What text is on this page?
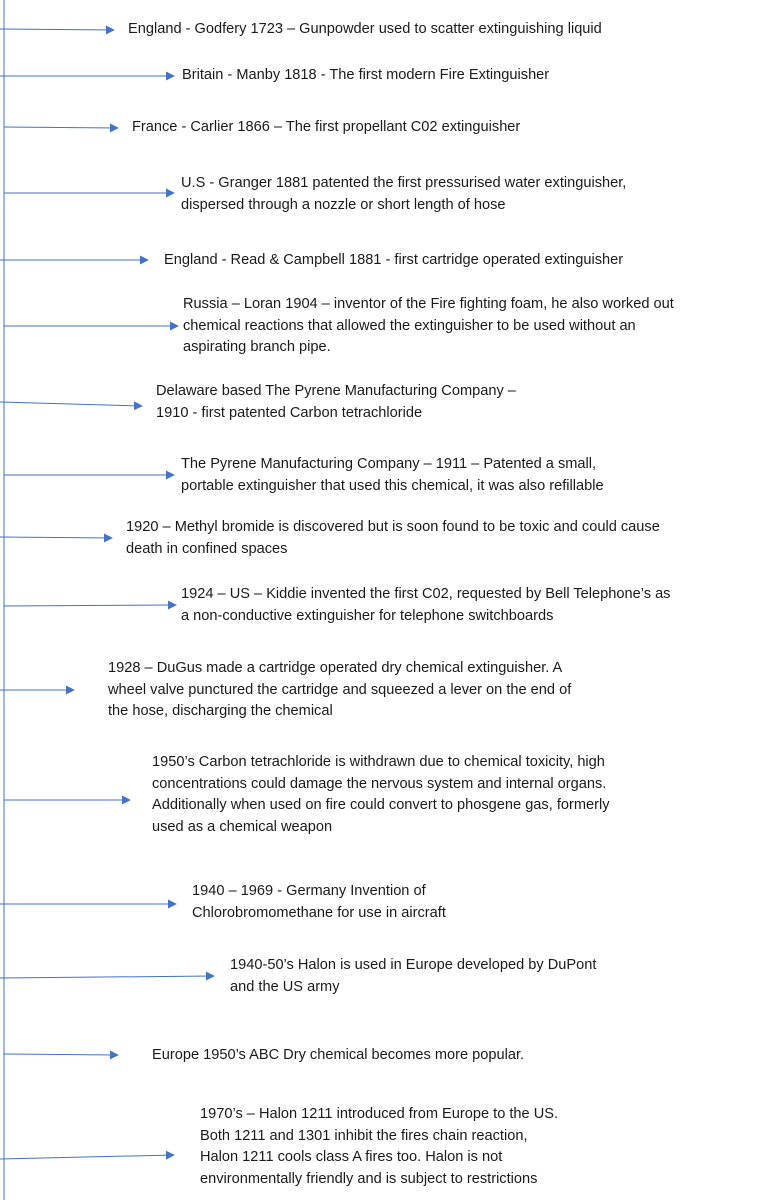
England - Godfery 1723 – Gunpowder used to scatter extinguishing liquid
Britain - Manby 1818 - The first modern Fire Extinguisher
France - Carlier 1866 – The first propellant C02 extinguisher
U.S - Granger 1881 patented the first pressurised water extinguisher,
dispersed through a nozzle or short length of hose
England - Read & Campbell 1881 - first cartridge operated extinguisher
Russia – Loran 1904 – inventor of the Fire fighting foam, he also worked out
chemical reactions that allowed the extinguisher to be used without an
aspirating branch pipe.
Delaware based The Pyrene Manufacturing Company –
1910 - first patented Carbon tetrachloride
The Pyrene Manufacturing Company – 1911 – Patented a small,
portable extinguisher that used this chemical, it was also refillable
1920 – Methyl bromide is discovered but is soon found to be toxic and could cause
death in confined spaces
1924 – US – Kiddie invented the first C02, requested by Bell Telephone’s as
a non-conductive extinguisher for telephone switchboards
1928 – DuGus made a cartridge operated dry chemical extinguisher. A
wheel valve punctured the cartridge and squeezed a lever on the end of
the hose, discharging the chemical
1950’s Carbon tetrachloride is withdrawn due to chemical toxicity, high
concentrations could damage the nervous system and internal organs.
Additionally when used on fire could convert to phosgene gas, formerly
used as a chemical weapon
1940 – 1969 - Germany Invention of
Chlorobromomethane for use in aircraft
1940-50’s Halon is used in Europe developed by DuPont
and the US army
Europe 1950’s ABC Dry chemical becomes more popular.
1970’s – Halon 1211 introduced from Europe to the US.
Both 1211 and 1301 inhibit the fires chain reaction,
Halon 1211 cools class A fires too. Halon is not
environmentally friendly and is subject to restrictions
